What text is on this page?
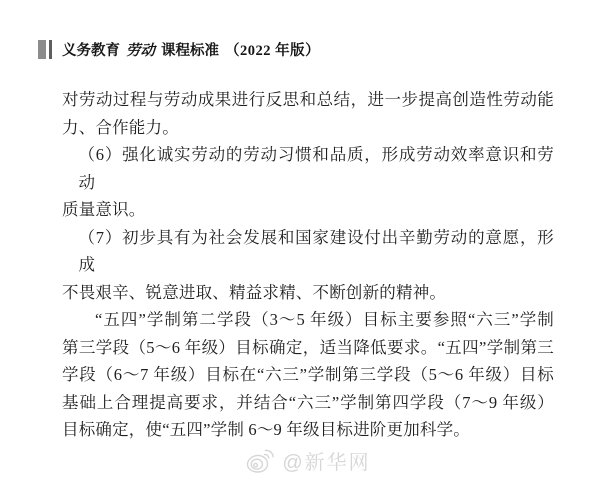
义务教育 劳动 课程标准 （2022 年版）
对劳动过程与劳动成果进行反思和总结，进一步提高创造性劳动能
力、合作能力。
（6）强化诚实劳动的劳动习惯和品质，形成劳动效率意识和劳动
质量意识。
（7）初步具有为社会发展和国家建设付出辛勤劳动的意愿，形成
不畏艰辛、锐意进取、精益求精、不断创新的精神。
“五四”学制第二学段（3～5 年级）目标主要参照“六三”学制
第三学段（5～6 年级）目标确定，适当降低要求。“五四”学制第三
学段（6～7 年级）目标在“六三”学制第三学段（5～6 年级）目标
基础上合理提高要求，并结合“六三”学制第四学段（7～9 年级）
目标确定，使“五四”学制 6～9 年级目标进阶更加科学。
@新华网
